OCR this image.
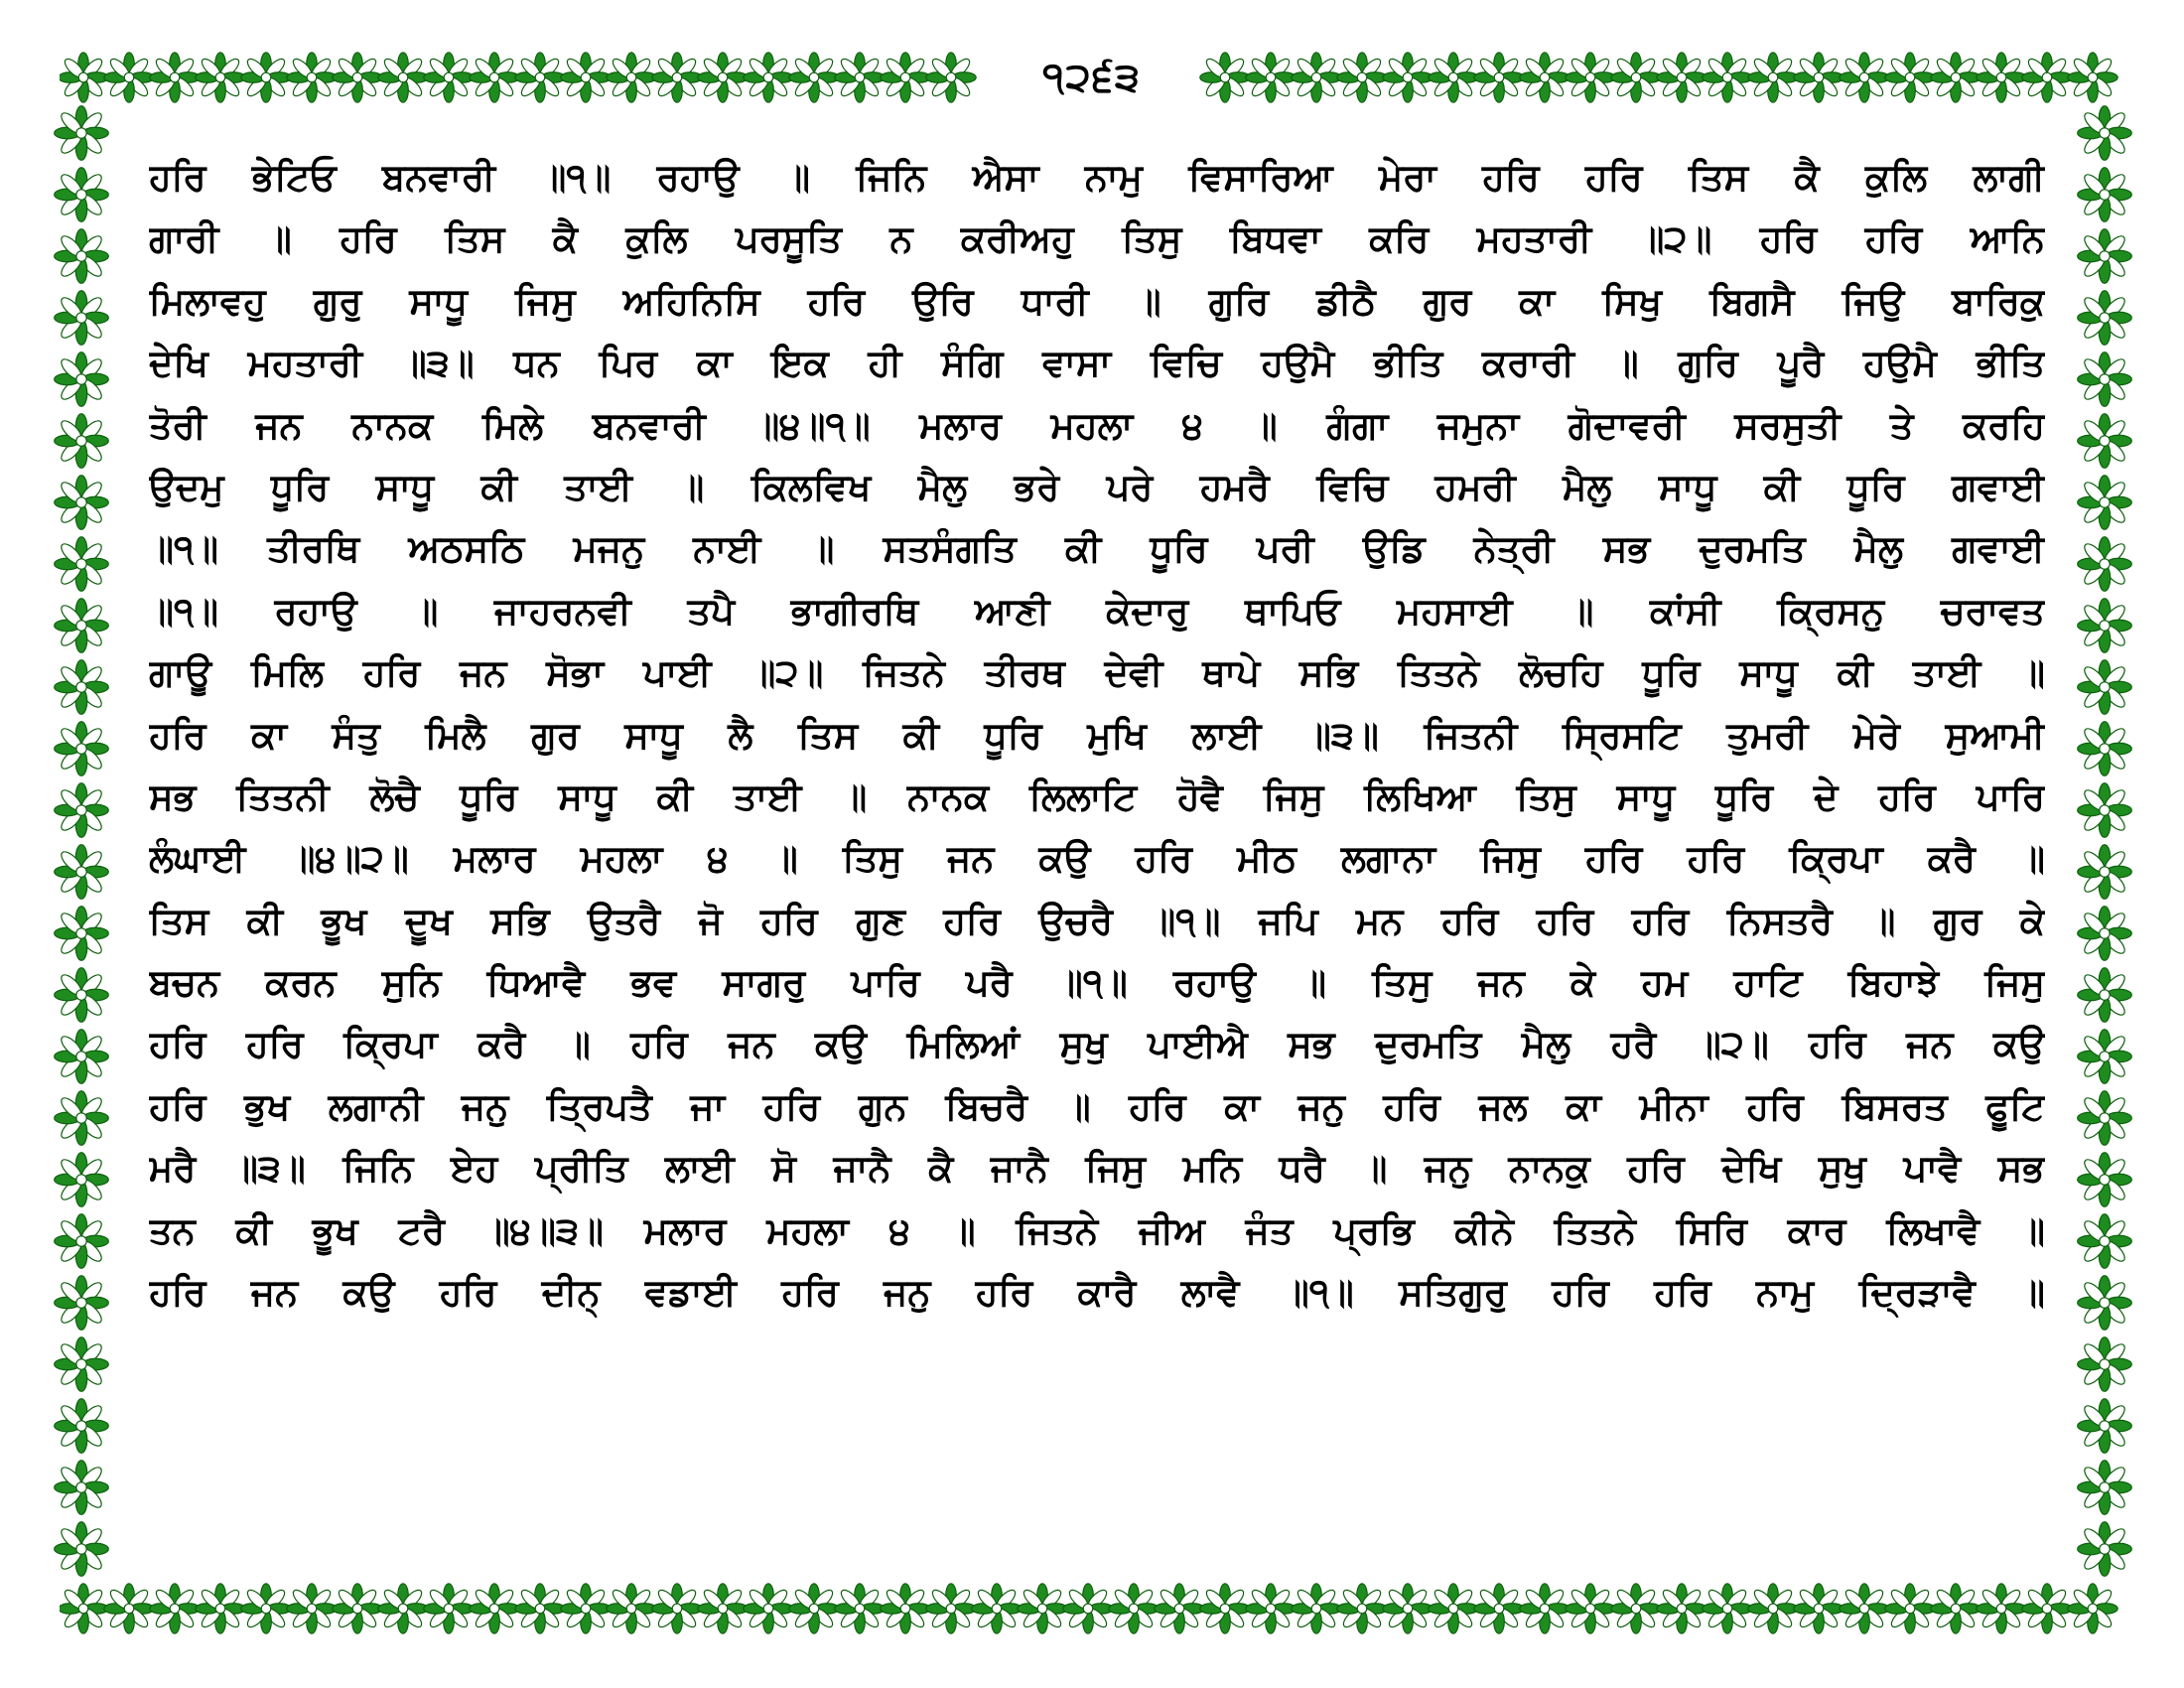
੧੨੬੩
ਹਰਿ ਭੇਟਿਓ ਬਨਵਾਰੀ ॥੧॥ ਰਹਾਉ ॥ ਜਿਨਿ ਐਸਾ ਨਾਮੁ ਵਿਸਾਰਿਆ ਮੇਰਾ ਹਰਿ ਹਰਿ ਤਿਸ ਕੈ ਕੁਲਿ ਲਾਗੀ
ਗਾਰੀ ॥ ਹਰਿ ਤਿਸ ਕੈ ਕੁਲਿ ਪਰਸੂਤਿ ਨ ਕਰੀਅਹੁ ਤਿਸੁ ਬਿਧਵਾ ਕਰਿ ਮਹਤਾਰੀ ॥੨॥ ਹਰਿ ਹਰਿ ਆਨਿ
ਮਿਲਾਵਹੁ ਗੁਰੁ ਸਾਧੂ ਜਿਸੁ ਅਹਿਨਿਸਿ ਹਰਿ ਉਰਿ ਧਾਰੀ ॥ ਗੁਰਿ ਡੀਠੈ ਗੁਰ ਕਾ ਸਿਖੁ ਬਿਗਸੈ ਜਿਉ ਬਾਰਿਕੁ
ਦੇਖਿ ਮਹਤਾਰੀ ॥੩॥ ਧਨ ਪਿਰ ਕਾ ਇਕ ਹੀ ਸੰਗਿ ਵਾਸਾ ਵਿਚਿ ਹਉਮੈ ਭੀਤਿ ਕਰਾਰੀ ॥ ਗੁਰਿ ਪੂਰੈ ਹਉਮੈ ਭੀਤਿ
ਤੋਰੀ ਜਨ ਨਾਨਕ ਮਿਲੇ ਬਨਵਾਰੀ ॥੪॥੧॥ ਮਲਾਰ ਮਹਲਾ ੪ ॥ ਗੰਗਾ ਜਮੁਨਾ ਗੋਦਾਵਰੀ ਸਰਸੁਤੀ ਤੇ ਕਰਹਿ
ਉਦਮੁ ਧੂਰਿ ਸਾਧੂ ਕੀ ਤਾਈ ॥ ਕਿਲਵਿਖ ਮੈਲੁ ਭਰੇ ਪਰੇ ਹਮਰੈ ਵਿਚਿ ਹਮਰੀ ਮੈਲੁ ਸਾਧੂ ਕੀ ਧੂਰਿ ਗਵਾਈ
॥੧॥ ਤੀਰਥਿ ਅਠਸਠਿ ਮਜਨੁ ਨਾਈ ॥ ਸਤਸੰਗਤਿ ਕੀ ਧੂਰਿ ਪਰੀ ਉਡਿ ਨੇਤ੍ਰੀ ਸਭ ਦੁਰਮਤਿ ਮੈਲੁ ਗਵਾਈ
॥੧॥ ਰਹਾਉ ॥ ਜਾਹਰਨਵੀ ਤਪੈ ਭਾਗੀਰਥਿ ਆਣੀ ਕੇਦਾਰੁ ਥਾਪਿਓ ਮਹਸਾਈ ॥ ਕਾਂਸੀ ਕ੍ਰਿਸਨੁ ਚਰਾਵਤ
ਗਾਊ ਮਿਲਿ ਹਰਿ ਜਨ ਸੋਭਾ ਪਾਈ ॥੨॥ ਜਿਤਨੇ ਤੀਰਥ ਦੇਵੀ ਥਾਪੇ ਸਭਿ ਤਿਤਨੇ ਲੋਚਹਿ ਧੂਰਿ ਸਾਧੂ ਕੀ ਤਾਈ ॥
ਹਰਿ ਕਾ ਸੰਤੁ ਮਿਲੈ ਗੁਰ ਸਾਧੂ ਲੈ ਤਿਸ ਕੀ ਧੂਰਿ ਮੁਖਿ ਲਾਈ ॥੩॥ ਜਿਤਨੀ ਸ੍ਰਿਸਟਿ ਤੁਮਰੀ ਮੇਰੇ ਸੁਆਮੀ
ਸਭ ਤਿਤਨੀ ਲੋਚੈ ਧੂਰਿ ਸਾਧੂ ਕੀ ਤਾਈ ॥ ਨਾਨਕ ਲਿਲਾਟਿ ਹੋਵੈ ਜਿਸੁ ਲਿਖਿਆ ਤਿਸੁ ਸਾਧੂ ਧੂਰਿ ਦੇ ਹਰਿ ਪਾਰਿ
ਲੰਘਾਈ ॥੪॥੨॥ ਮਲਾਰ ਮਹਲਾ ੪ ॥ ਤਿਸੁ ਜਨ ਕਉ ਹਰਿ ਮੀਠ ਲਗਾਨਾ ਜਿਸੁ ਹਰਿ ਹਰਿ ਕ੍ਰਿਪਾ ਕਰੈ ॥
ਤਿਸ ਕੀ ਭੂਖ ਦੂਖ ਸਭਿ ਉਤਰੈ ਜੋ ਹਰਿ ਗੁਣ ਹਰਿ ਉਚਰੈ ॥੧॥ ਜਪਿ ਮਨ ਹਰਿ ਹਰਿ ਹਰਿ ਨਿਸਤਰੈ ॥ ਗੁਰ ਕੇ
ਬਚਨ ਕਰਨ ਸੁਨਿ ਧਿਆਵੈ ਭਵ ਸਾਗਰੁ ਪਾਰਿ ਪਰੈ ॥੧॥ ਰਹਾਉ ॥ ਤਿਸੁ ਜਨ ਕੇ ਹਮ ਹਾਟਿ ਬਿਹਾਝੇ ਜਿਸੁ
ਹਰਿ ਹਰਿ ਕ੍ਰਿਪਾ ਕਰੈ ॥ ਹਰਿ ਜਨ ਕਉ ਮਿਲਿਆਂ ਸੁਖੁ ਪਾਈਐ ਸਭ ਦੁਰਮਤਿ ਮੈਲੁ ਹਰੈ ॥੨॥ ਹਰਿ ਜਨ ਕਉ
ਹਰਿ ਭੁਖ ਲਗਾਨੀ ਜਨੁ ਤ੍ਰਿਪਤੈ ਜਾ ਹਰਿ ਗੁਨ ਬਿਚਰੈ ॥ ਹਰਿ ਕਾ ਜਨੁ ਹਰਿ ਜਲ ਕਾ ਮੀਨਾ ਹਰਿ ਬਿਸਰਤ ਫੂਟਿ
ਮਰੈ ॥੩॥ ਜਿਨਿ ਏਹ ਪ੍ਰੀਤਿ ਲਾਈ ਸੋ ਜਾਨੈ ਕੈ ਜਾਨੈ ਜਿਸੁ ਮਨਿ ਧਰੈ ॥ ਜਨੁ ਨਾਨਕੁ ਹਰਿ ਦੇਖਿ ਸੁਖੁ ਪਾਵੈ ਸਭ
ਤਨ ਕੀ ਭੂਖ ਟਰੈ ॥੪॥੩॥ ਮਲਾਰ ਮਹਲਾ ੪ ॥ ਜਿਤਨੇ ਜੀਅ ਜੰਤ ਪ੍ਰਭਿ ਕੀਨੇ ਤਿਤਨੇ ਸਿਰਿ ਕਾਰ ਲਿਖਾਵੈ ॥
ਹਰਿ ਜਨ ਕਉ ਹਰਿ ਦੀਨ੍ ਵਡਾਈ ਹਰਿ ਜਨੁ ਹਰਿ ਕਾਰੈ ਲਾਵੈ ॥੧॥ ਸਤਿਗੁਰੁ ਹਰਿ ਹਰਿ ਨਾਮੁ ਦ੍ਰਿੜਾਵੈ ॥
